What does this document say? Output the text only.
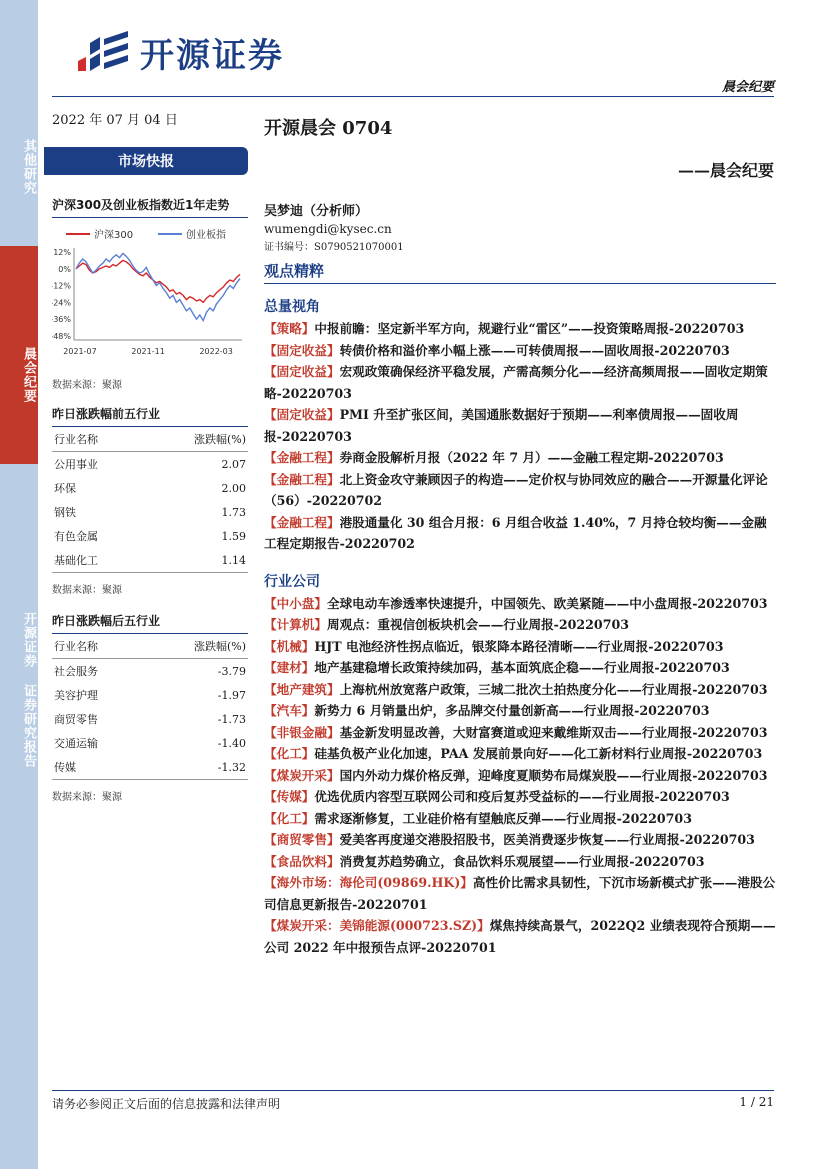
其他研究
晨会纪要
开源证券 证券研究报告
开源证券
晨会纪要
2022 年 07 月 04 日	开源晨会 0704
——晨会纪要
市场快报
沪深300及创业板指数近1年走势
沪深300	创业板指
12%
0%
-12%
-24%
-36%
-48%
2021-07	2021-11	2022-03
数据来源：聚源
昨日涨跌幅前五行业
行业名称	涨跌幅(%)
公用事业	2.07
环保	2.00
钢铁	1.73
有色金属	1.59
基础化工	1.14
数据来源：聚源
昨日涨跌幅后五行业
行业名称	涨跌幅(%)
社会服务	-3.79
美容护理	-1.97
商贸零售	-1.73
交通运输	-1.40
传媒	-1.32
数据来源：聚源
吴梦迪（分析师）
wumengdi@kysec.cn
证书编号：S0790521070001
观点精粹
总量视角
【策略】中报前瞻：坚定新半军方向，规避行业“雷区”——投资策略周报-20220703
【固定收益】转债价格和溢价率小幅上涨——可转债周报——固收周报-20220703
【固定收益】宏观政策确保经济平稳发展，产需高频分化——经济高频周报——固收定期策略-20220703
【固定收益】PMI 升至扩张区间，美国通胀数据好于预期——利率债周报——固收周报-20220703
【金融工程】券商金股解析月报（2022 年 7 月）——金融工程定期-20220703
【金融工程】北上资金攻守兼顾因子的构造——定价权与协同效应的融合——开源量化评论（56）-20220702
【金融工程】港股通量化 30 组合月报：6 月组合收益 1.40%，7 月持仓较均衡——金融工程定期报告-20220702
行业公司
【中小盘】全球电动车渗透率快速提升，中国领先、欧美紧随——中小盘周报-20220703
【计算机】周观点：重视信创板块机会——行业周报-20220703
【机械】HJT 电池经济性拐点临近，银浆降本路径清晰——行业周报-20220703
【建材】地产基建稳增长政策持续加码，基本面筑底企稳——行业周报-20220703
【地产建筑】上海杭州放宽落户政策，三城二批次土拍热度分化——行业周报-20220703
【汽车】新势力 6 月销量出炉，多品牌交付量创新高——行业周报-20220703
【非银金融】基金新发明显改善，大财富赛道或迎来戴维斯双击——行业周报-20220703
【化工】硅基负极产业化加速，PAA 发展前景向好——化工新材料行业周报-20220703
【煤炭开采】国内外动力煤价格反弹，迎峰度夏顺势布局煤炭股——行业周报-20220703
【传媒】优选优质内容型互联网公司和疫后复苏受益标的——行业周报-20220703
【化工】需求逐渐修复，工业硅价格有望触底反弹——行业周报-20220703
【商贸零售】爱美客再度递交港股招股书，医美消费逐步恢复——行业周报-20220703
【食品饮料】消费复苏趋势确立，食品饮料乐观展望——行业周报-20220703
【海外市场：海伦司(09869.HK)】高性价比需求具韧性，下沉市场新模式扩张——港股公司信息更新报告-20220701
【煤炭开采：美锦能源(000723.SZ)】煤焦持续高景气，2022Q2 业绩表现符合预期——公司 2022 年中报预告点评-20220701
请务必参阅正文后面的信息披露和法律声明	1 / 21
